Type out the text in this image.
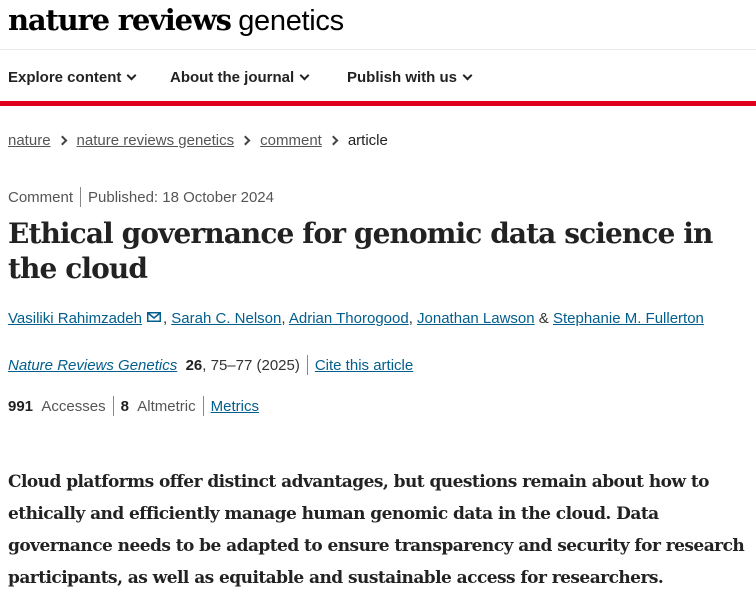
nature reviews genetics
Explore content	About the journal	Publish with us
nature nature reviews genetics comment article
Comment Published: 18 October 2024
Ethical governance for genomic data science in the cloud
Vasiliki Rahimzadeh , Sarah C. Nelson, Adrian Thorogood, Jonathan Lawson & Stephanie M. Fullerton
Nature Reviews Genetics 26, 75–77 (2025) Cite this article
991 Accesses 8 Altmetric Metrics

Cloud platforms offer distinct advantages, but questions remain about how to ethically and efficiently manage human genomic data in the cloud. Data governance needs to be adapted to ensure transparency and security for research participants, as well as equitable and sustainable access for researchers.
